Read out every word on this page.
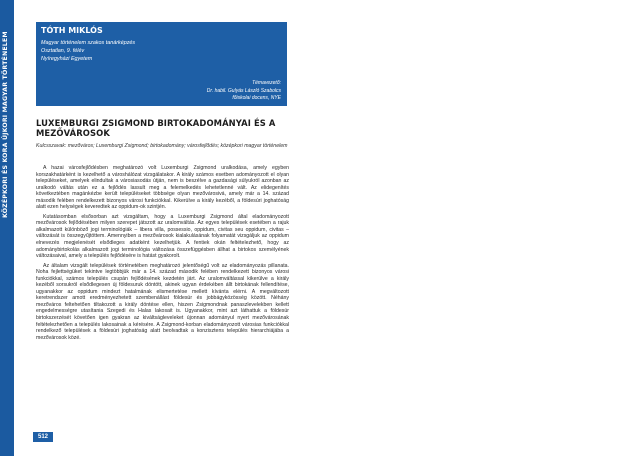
KÖZÉPKORI ÉS KORA ÚJKORI MAGYAR TÖRTÉNELEM
TÓTH MIKLÓS
Magyar történelem szakos tanárképzés
Osztatlan, 9. félév
Nyíregyházi Egyetem
Témavezető:
Dr. habil. Gulyás László Szabolcs
főiskolai docens, NYE
LUXEMBURGI ZSIGMOND BIRTOKADOMÁNYAI ÉS A MEZŐVÁROSOK
Kulcsszavak: mezőváros; Luxemburgi Zsigmond; birtokadomány; városfejlődés; középkori magyar történelem

A hazai városfejlődésben meghatározó volt Luxemburgi Zsigmond uralkodása, amely egyben korszakhatárként is kezelhető a városhálózat vizsgálatakor. A király számos esetben adományozott el olyan településeket, amelyek elindultak a városiasodás útján, nem is beszélve a gazdasági súlyukról azonban az uralkodó váltás után ez a fejlődés lassult meg a felemelkedés lehetetlenné vált. Az elidegenítés következtében magánkézbe került településeket többsége olyan mezővárosivá, amely már a 14. század második felében rendelkezett bizonyos városi funkciókkal. Kikerülve a király kezéből, a földesúri joghatóság alatt ezen helységek keveredtek az oppidum-ok szintjén.

Kutatásomban elsősorban azt vizsgáltam, hogy a Luxemburgi Zsigmond által eladományozott mezővárosok fejlődésében milyen szerepet játszott az uralomváltás. Az egyes települések esetében a rajuk alkalmazott különböző jogi terminológiák – libera villa, possessio, oppidum, civitas seu oppidum, civitas – változását is összegyűjtöttem. Amennyiben a mezővárosok kialakulásának folyamatát vizsgáljuk az oppidum elnevezés megjelenését elsődleges adatként kezelhetjük. A fentiek okán feltételezhető, hogy az adománybirtokolás alkalmazott jogi terminológia változása összefüggésben állhat a birtokos személyének változásaival, amely a település fejlődésére is hatást gyakorolt.

Az általam vizsgált települések történetében meghatározó jelentőségű volt az eladományozás pillanata. Noha fejlettségüket tekintve legtöbbjük már a 14. század második felében rendelkezett bizonyos városi funkciókkal, számos település csupán fejlődésének kezdetén járt. Az uralomváltással kikerülve a király kezéből sorsukról elsődlegesen új földesuruk döntött, akinek ugyan érdekében állt birtokának fellendítése, ugyanakkor az oppidum mindezt hatalmának elismertetése mellett kívánta elérni. A megváltozott keretrendszer amott eredményezhetett szembenállást földesúr és jobbágyközösség között. Néhány mezőváros feltehetően tiltakozott a király döntése ellen, hiszen Zsigmondnak panaszlevelekben kellett engedelmességre utasítania Szegedi és Halas lakosait is. Ugyanakkor, mint azt láthattuk a földesúr birtokszerzését követően igen gyakran az kiváltságleveleket újonnan adományul nyert mezővárosának feltételezhetően a település lakosainak a kérésére. A Zsigmond-korban eladományozott városias funkciókkal rendelkező települések a földesúri joghatóság alatt beolvadtak a konzisztens település hierarchiájába a mezővárosok közé.

512
